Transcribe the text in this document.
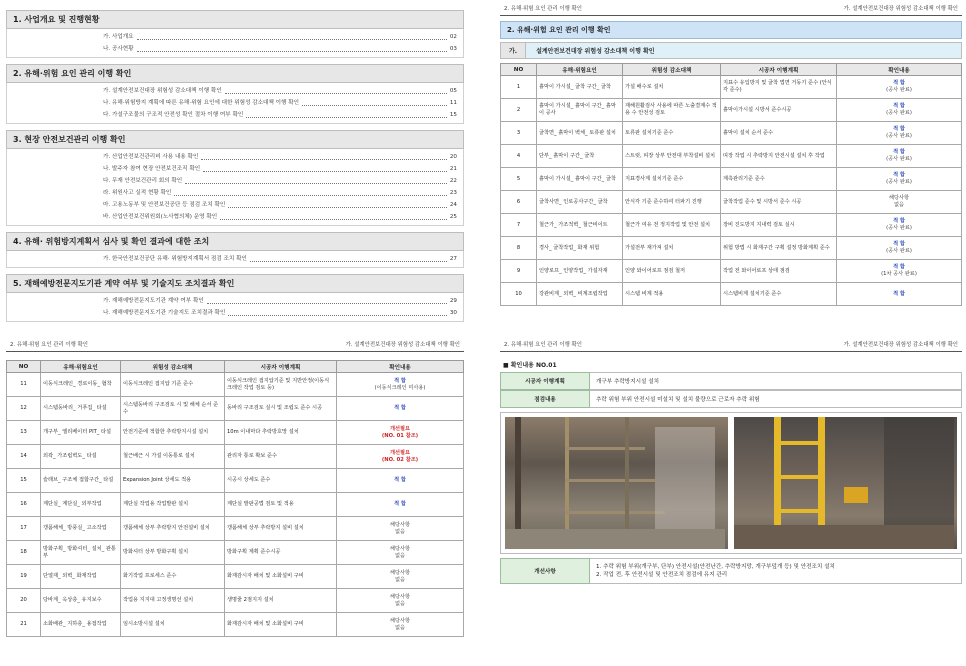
1. 사업개요 및 진행현황
가. 사업개요	02
나. 공사현황	03
2. 유해·위험 요인 관리 이행 확인
가. 설계안전보건대장 위험성 감소대책 이행 확인	05
나. 유해·위험방지 계획에 따른 유해·위험 요인에 대한 위험성 감소대책 이행 확인	11
다. 가설구조물의 구조적 안전성 확인 절차 이행 여부 확인	15
3. 현장 안전보건관리 이행 확인
가. 산업안전보건관리비 사용 내용 확인	20
나. 발주자 참여 현장 안전보건조직 확인	21
다. 무재 안전보건관리 회의 확인	22
라. 위원사고 실적 현황 확인	23
마. 고용노동부 및 안전보건공단 등 점검 조치 확인	24
바. 산업안전보건위원회(노사협의체) 운영 확인	25
4. 유해· 위험방지계획서 심사 및 확인 결과에 대한 조치
가. 한국안전보건공단 유해· 위험방지계획서 점검 조치 확인	27
5. 재해예방전문지도기관 계약 여부 및 기술지도 조치결과 확인
가. 재해예방전문지도기관 계약 여부 확인	29
나. 재해예방전문지도기관 기술지도 조치결과 확인	30
2. 유해·위험 요인 관리 이행 확인	가. 설계안전보건대장 위험성 감소대책 이행 확인
2. 유해·위험 요인 관리 이행 확인
가.	설계안전보건대장 위험성 감소대책 이행 확인
NO	유해·위험요인	위험성 감소대책	시공자 이행계획	확인내용
1	흙막이 가시설_ 굴착 구간_ 굴착	가설 배수로 설치	지표수 유입방지 및 굴착 법면 거동기 준수 (안식각 준수)	적 합
(공사 완료)

2	흙막이 가시설_ 흙막이 구간_ 흙막이 공사	재해원활검사 사용에 따른 노출결계수 적용 수 안전성 검토	흙막이가시설 시방서 준수시공	적 합
(공사 완료)

3	굴착면_ 흙막이 벽체_ 토류판 설치	토류판 설치기준 준수	흙막이 설치 순서 준수	적 합
(공사 완료)

4	단부_ 흙막이 구간_ 굴착	스트럿, 띠장 상부 안전대 부착설비 설치	띠장 작업 시 추락방지 안전시설 설치 후 작업	적 합
(공사 완료)

5	흙막이 가시설_ 흙막이 구간_ 굴착	지표경사계 설치기준 준수	계측관리기준 준수	적 합
(공사 완료)

6	굴착사면_ 인로공사구간_ 굴착	안식각 기준 준수하여 터파기 진행	굴착작업 준수 및 시방서 준수 시공	해당사항
없음

7	철근가_ 가조적벽_ 철근비이트	철근가 여유 전 정지작업 및 안전 설치	장비 진도방지 지내력 검토 실시	적 합
(공사 완료)

8	경사_ 굴착작업_ 화재 위험	가설전부 재가져 설치	위험 방법 시 화재구간 구획 설정 방화계획 준수	적 합
(공사 완료)

9	인양로프_ 인양작업_ 가설자재	인양 와이어로프 점검 철저	작업 전 와이어로프 상태 점검	적 합
(1차 공사 완료)

10	강관비계_ 외벽_ 비계조립작업	시스템 비계 적용	시스템비계 설치기준 준수	적 합
2. 유해·위험 요인 관리 이행 확인	가. 설계안전보건대장 위험성 감소대책 이행 확인
NO	유해·위험요인	위험성 감소대책	시공자 이행계획	확인내용
11	이동식크레인_ 경로이동_ 협착	이동식크레인 접지압 기준 준수	이동식크레인 접지압기준 및 지반안정(이동식크레인 작업 검토 등)	적 합
(이동식크레인 미사용)

12	시스템동바리_ 거푸집_ 타설	시스템동바리 구조검토 시 및 해체 순서 준수	동바리 구조검토 실시 및 조립도 준수 시공	적 합

13	개구부_ 엘리베이터 PIT_ 타설	안전기준에 적합한 추락방지시설 설치	10m 이내마다 추락방호망 설치	개선필요
(NO. 01 참조)

14	외곽_ 가조립벽도_ 타설	철근배근 시 가설 이동통로 설치	관리자 통로 확보 준수	개선필요
(NO. 02 참조)

15	슬래브_ 구조체 접합구간_ 타설	Expansion Joint 상세도 적용	시공시 상세도 준수	적 합

16	계단실_ 계단실_ 외부작업	계단실 작업용 작업발판 설치	계단실 발판공법 검토 및 적용	적 합

17	갱폼해체_ 방풍실_ 고소작업	갱폼해체 상부 추락방지 안전설비 설치	갱폼해체 상부 추락방지 설비 설치	해당사항
없음

18	방화구획_ 방화셔터_ 설치_ 관통부	방화셔터 상부 방화구획 설치	방화구획 계획 준수시공	해당사항
없음

19	단열재_ 외벽_ 화재작업	화기작업 프로세스 준수	화재감시자 배치 및 소화설비 구비	해당사항
없음

20	당바계_ 옥상층_ 유지보수	작업용 지지대 고정생명선 설치	생명줄 2점지지 설치	해당사항
없음

21	소화배관_ 지하층_ 용접작업	임시소방시설 설치	화재감시자 배치 및 소화설비 구비	해당사항
없음
2. 유해·위험 요인 관리 이행 확인	가. 설계안전보건대장 위험성 감소대책 이행 확인
■ 확인내용 NO.01
시공자 이행계획	개구부 추락방지시설 설치
점검내용	추락 위험 부위 안전시설 미설치 및 설치 불량으로 근로자 추락 위험
개선사항
1. 추락 위험 부위(개구부, 단부) 안전시설(안전난간, 추락방지망, 개구부덮개 등) 및 안전조치 설치
2. 작업 전, 후 안전시설 및 안전조치 점검에 유지 관리
